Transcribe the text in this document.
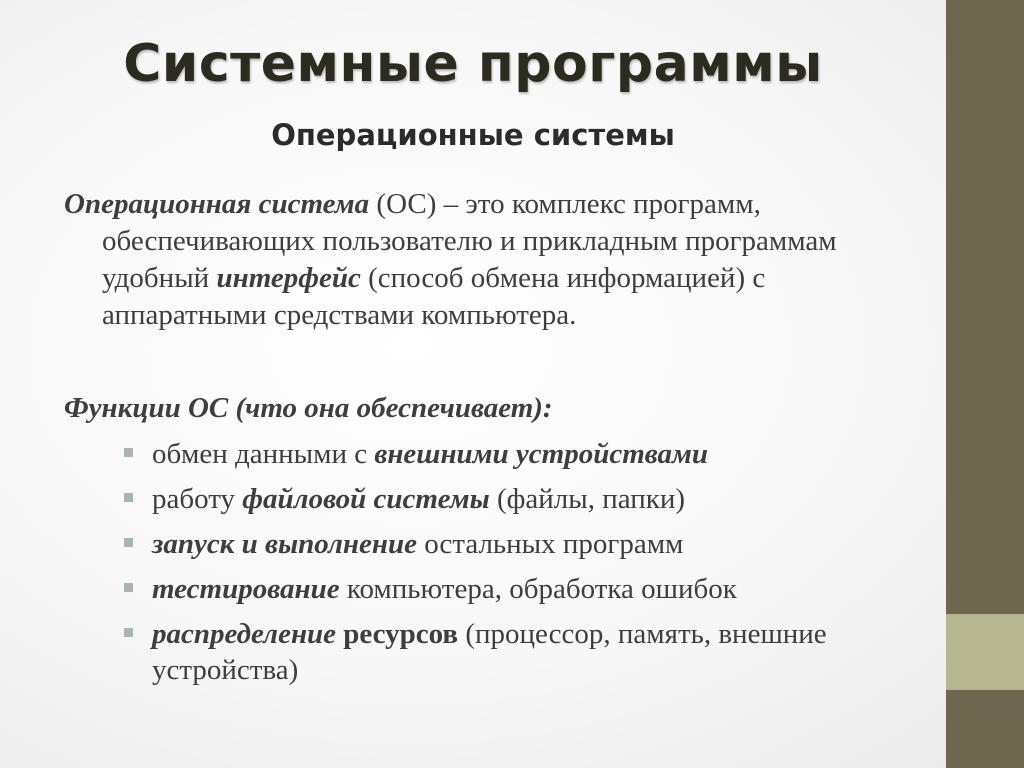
Системные программы
Операционные системы

Операционная система (ОС) – это комплекс программ, обеспечивающих пользователю и прикладным программам удобный интерфейс (способ обмена информацией) с аппаратными средствами компьютера.

Функции ОС (что она обеспечивает):

обмен данными с внешними устройствами
работу файловой системы (файлы, папки)
запуск и выполнение остальных программ
тестирование компьютера, обработка ошибок
распределение ресурсов (процессор, память, внешние устройства)
